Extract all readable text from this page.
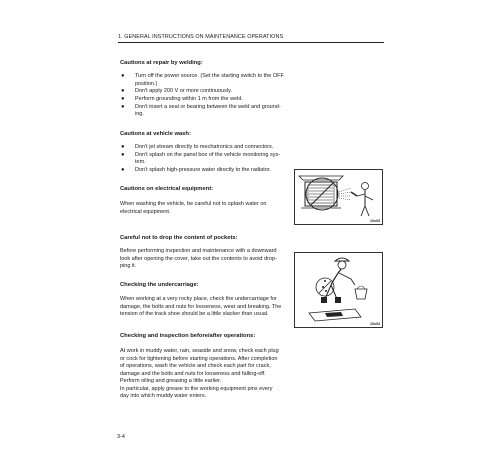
1. GENERAL INSTRUCTIONS ON MAINTENANCE OPERATIONS
Cautions at repair by welding:
● Turn off the power source. (Set the starting switch to the OFF
position.)
● Don't apply 200 V or more continuously.
● Perform grounding within 1 m from the weld.
● Don't insert a seal or bearing between the weld and ground-
ing.
Cautions at vehicle wash:
● Don't jet stream directly to mechatronics and connectors.
● Don't splash on the panel box of the vehicle monitoring sys-
tem.
● Don't splash high-pressure water directly to the radiator.
Cautions on electrical equipment:
When washing the vehicle, be careful not to splash water on
electrical equipment.
10s03
Careful not to drop the content of pockets:
Before performing inspection and maintenance with a downward
look after opening the cover, take out the contents to avoid drop-
ping it.
10s04
Checking the undercarriage:
When working at a very rocky place, check the undercarriage for
damage, the bolts and nuts for looseness, wear and breaking. The
tension of the track shoe should be a little slacker than usual.
Checking and inspection before/after operations:
At work in muddy water, rain, seaside and snow, check each plug
or cock for tightening before starting operations. After completion
of operations, wash the vehicle and check each part for crack,
damage and the bolts and nuts for looseness and falling-off.
Perform oiling and greasing a little earlier.
In particular, apply grease to the working equipment pins every
day into which muddy water enters.
3-4
